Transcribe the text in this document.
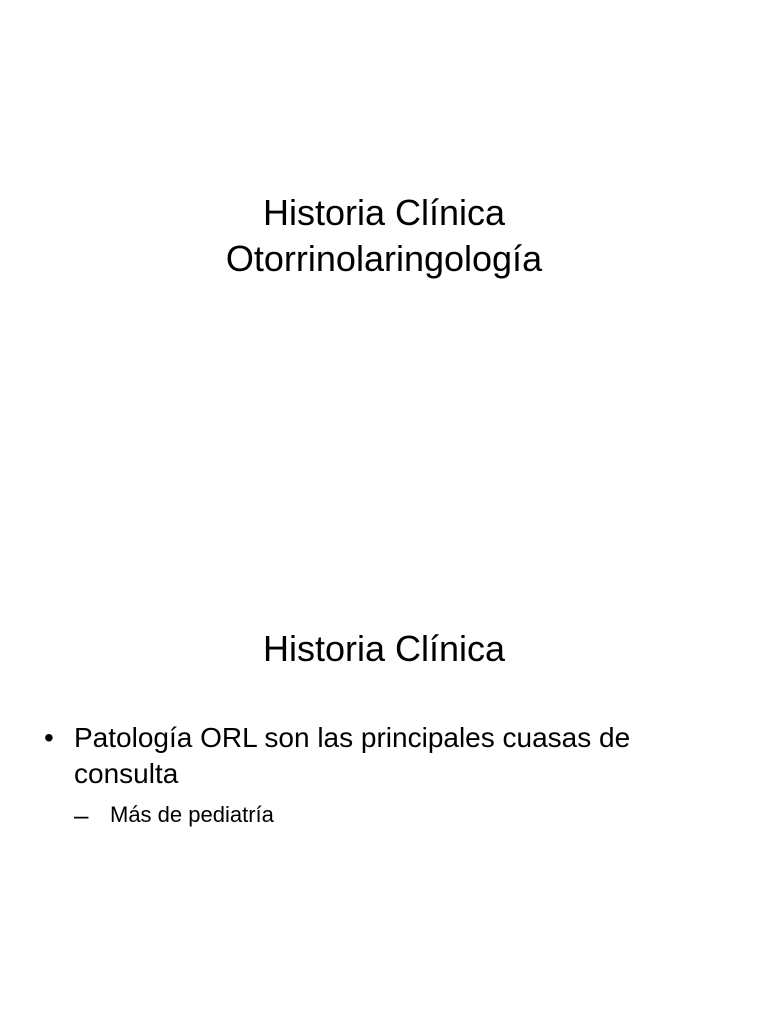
Historia Clínica
Otorrinolaringología
Historia Clínica
• Patología ORL son las principales cuasas de consulta
– Más de pediatría
